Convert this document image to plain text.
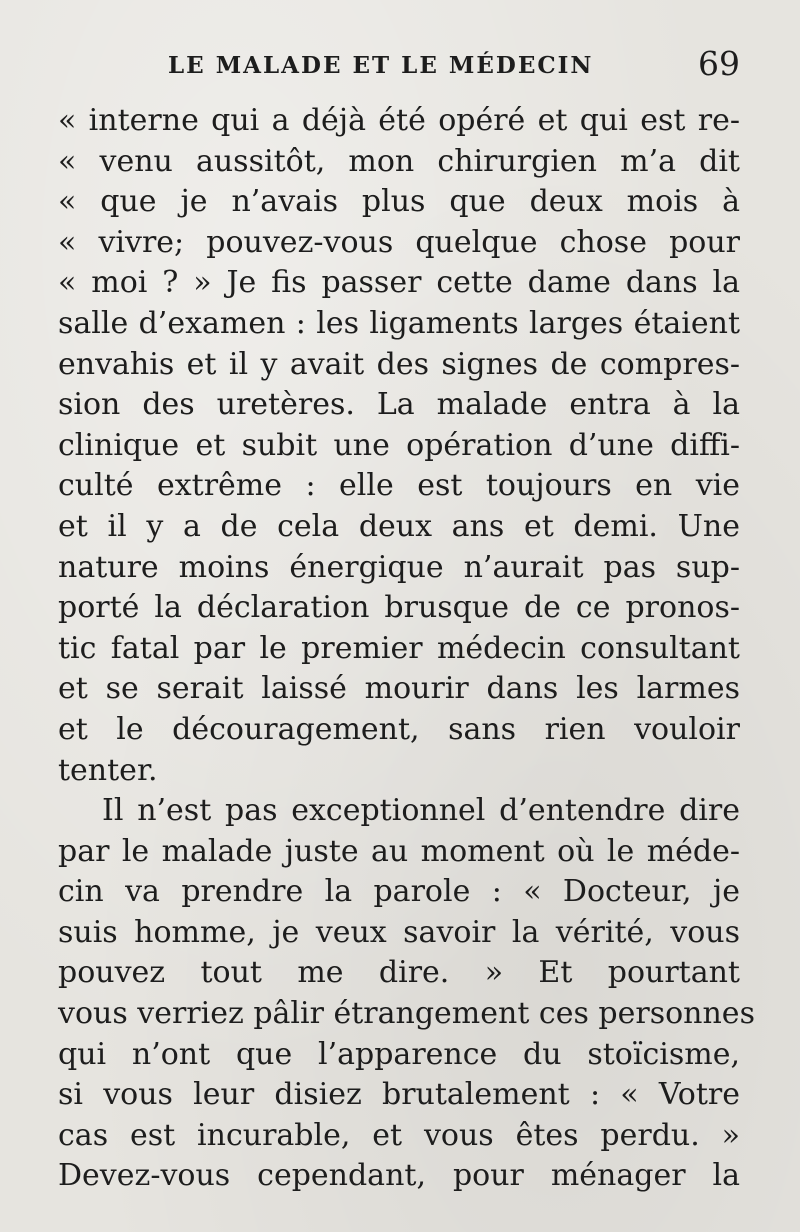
LE MALADE ET LE MÉDECIN	69
« interne qui a déjà été opéré et qui est re-
« venu aussitôt, mon chirurgien m’a dit
« que je n’avais plus que deux mois à
« vivre; pouvez-vous quelque chose pour
« moi ? » Je fis passer cette dame dans la
salle d’examen : les ligaments larges étaient
envahis et il y avait des signes de compres-
sion des uretères. La malade entra à la
clinique et subit une opération d’une diffi-
culté extrême : elle est toujours en vie
et il y a de cela deux ans et demi. Une
nature moins énergique n’aurait pas sup-
porté la déclaration brusque de ce pronos-
tic fatal par le premier médecin consultant
et se serait laissé mourir dans les larmes
et le découragement, sans rien vouloir
tenter.
Il n’est pas exceptionnel d’entendre dire
par le malade juste au moment où le méde-
cin va prendre la parole : « Docteur, je
suis homme, je veux savoir la vérité, vous
pouvez tout me dire. » Et pourtant
vous verriez pâlir étrangement ces personnes
qui n’ont que l’apparence du stoïcisme,
si vous leur disiez brutalement : « Votre
cas est incurable, et vous êtes perdu. »
Devez-vous cependant, pour ménager la
